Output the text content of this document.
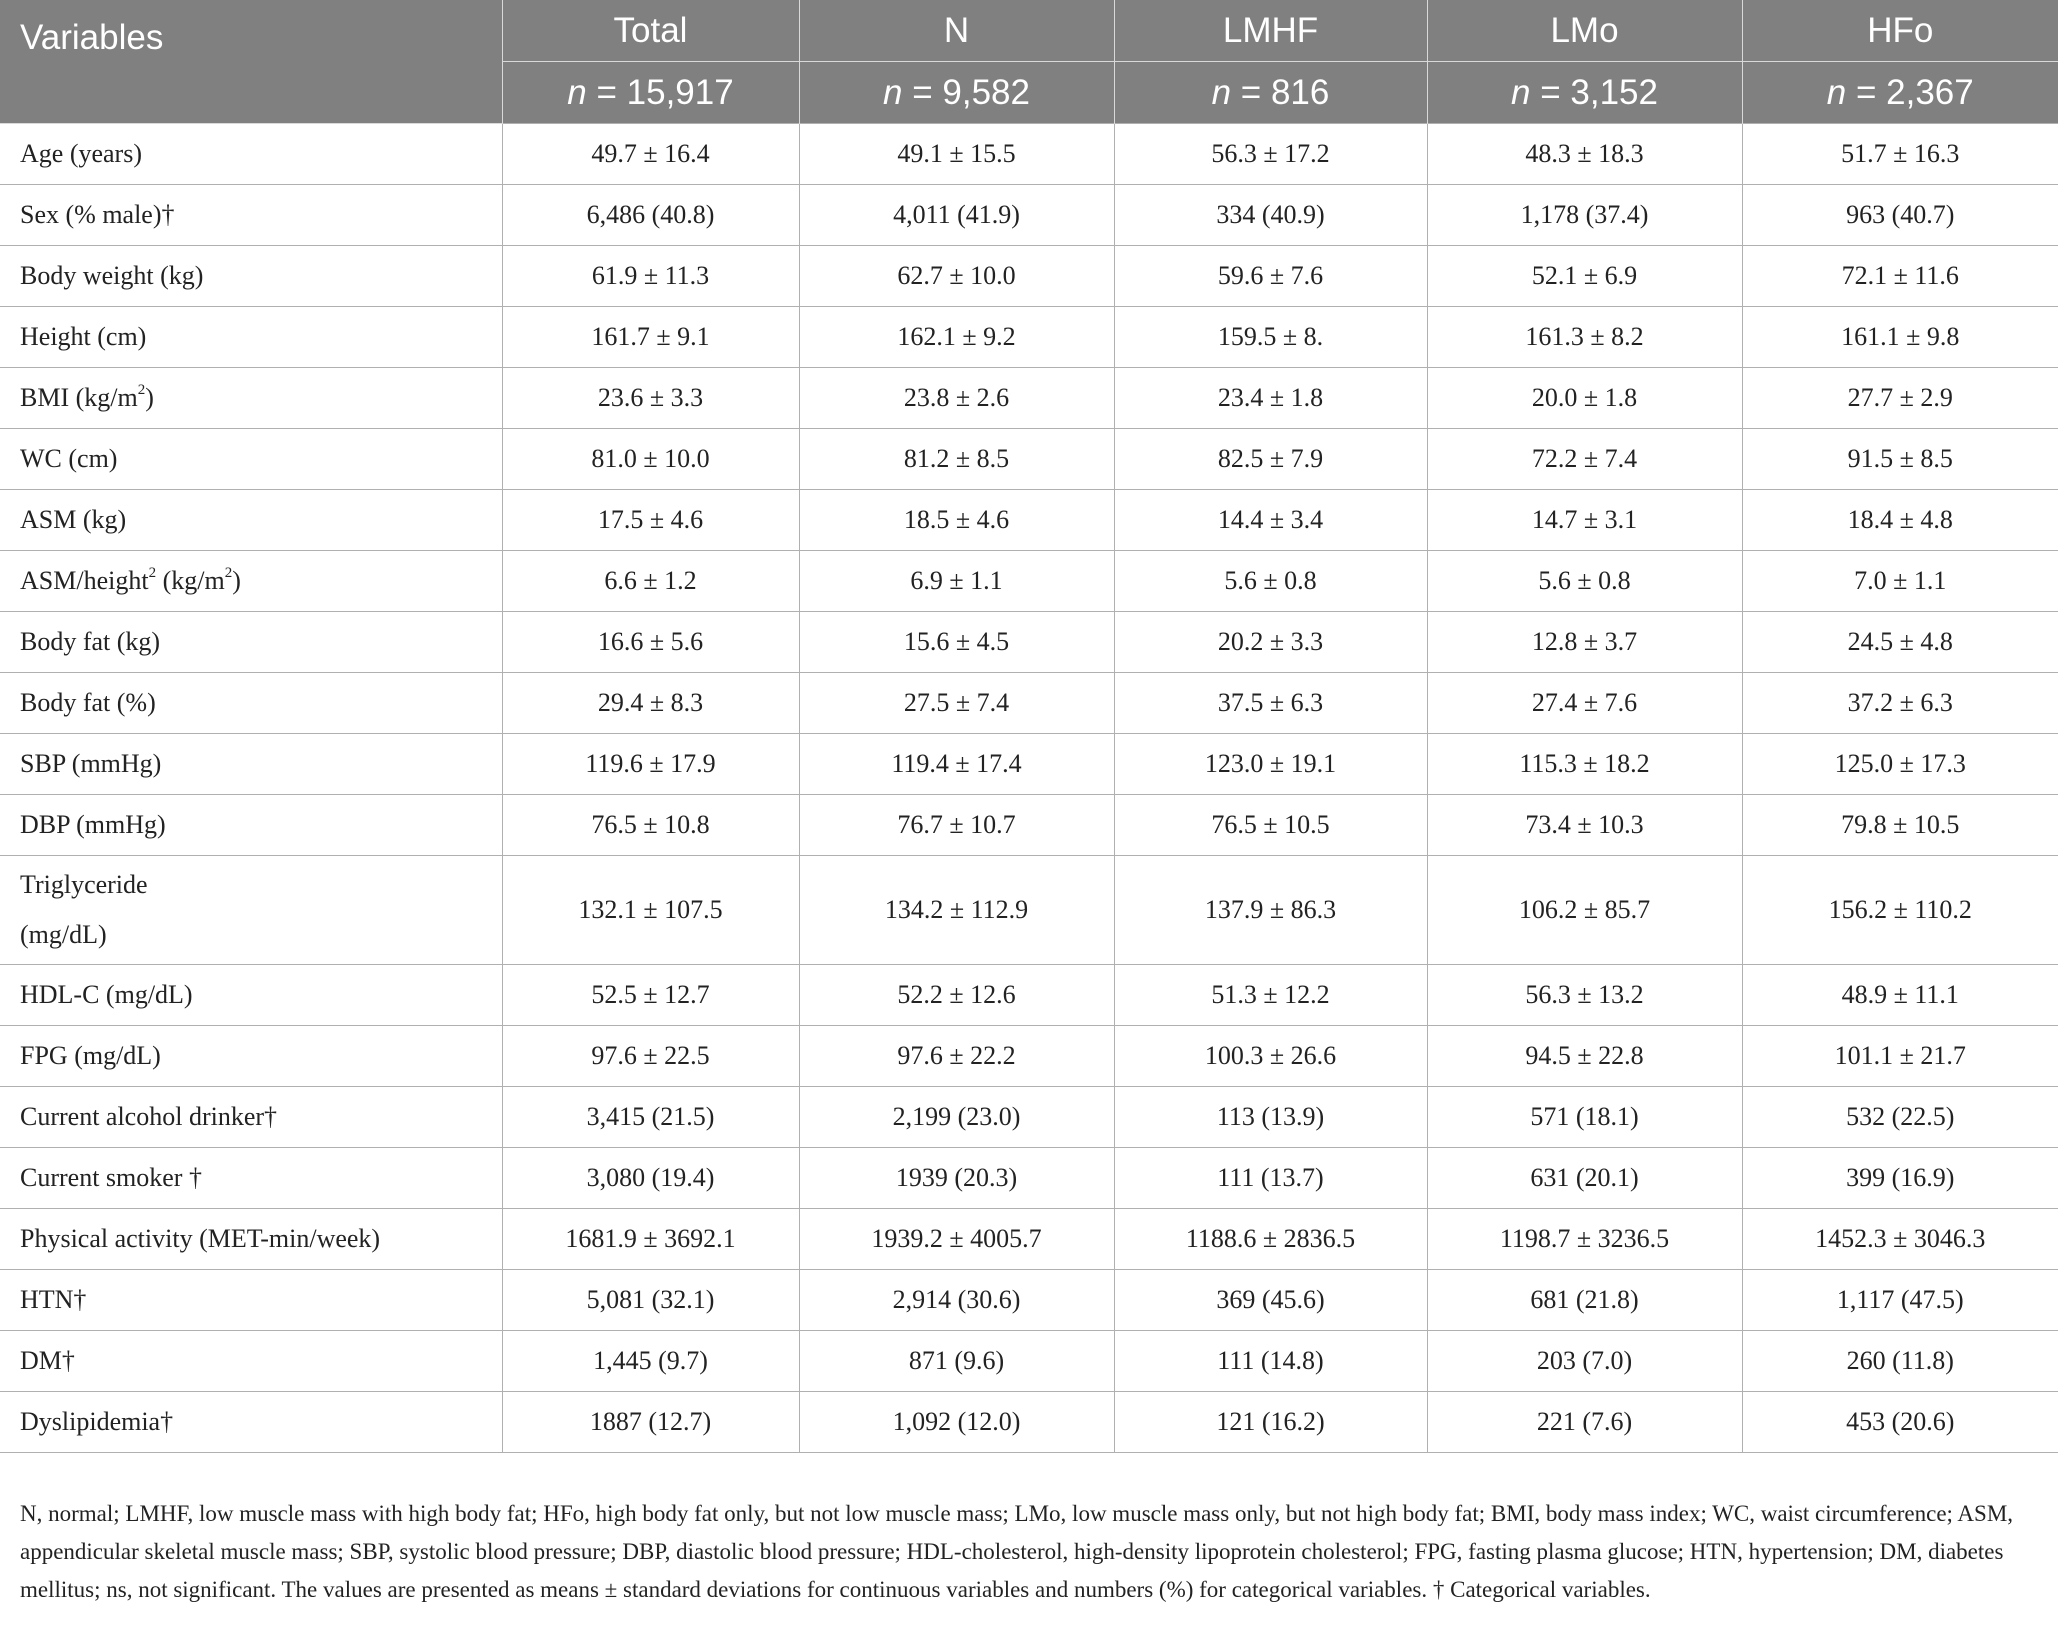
Variables	Total	N	LMHF	LMo	HFo
	n = 15,917	n = 9,582	n = 816	n = 3,152	n = 2,367
Age (years)	49.7 ± 16.4	49.1 ± 15.5	56.3 ± 17.2	48.3 ± 18.3	51.7 ± 16.3
Sex (% male)†	6,486 (40.8)	4,011 (41.9)	334 (40.9)	1,178 (37.4)	963 (40.7)
Body weight (kg)	61.9 ± 11.3	62.7 ± 10.0	59.6 ± 7.6	52.1 ± 6.9	72.1 ± 11.6
Height (cm)	161.7 ± 9.1	162.1 ± 9.2	159.5 ± 8.	161.3 ± 8.2	161.1 ± 9.8
BMI $(kg/m^2)$	23.6 ± 3.3	23.8 ± 2.6	23.4 ± 1.8	20.0 ± 1.8	27.7 ± 2.9
WC (cm)	81.0 ± 10.0	81.2 ± 8.5	82.5 ± 7.9	72.2 ± 7.4	91.5 ± 8.5
ASM (kg)	17.5 ± 4.6	18.5 ± 4.6	14.4 ± 3.4	14.7 ± 3.1	18.4 ± 4.8
ASM/height$^2$ $(kg/m^2)$	6.6 ± 1.2	6.9 ± 1.1	5.6 ± 0.8	5.6 ± 0.8	7.0 ± 1.1
Body fat (kg)	16.6 ± 5.6	15.6 ± 4.5	20.2 ± 3.3	12.8 ± 3.7	24.5 ± 4.8
Body fat (%)	29.4 ± 8.3	27.5 ± 7.4	37.5 ± 6.3	27.4 ± 7.6	37.2 ± 6.3
SBP (mmHg)	119.6 ± 17.9	119.4 ± 17.4	123.0 ± 19.1	115.3 ± 18.2	125.0 ± 17.3
DBP (mmHg)	76.5 ± 10.8	76.7 ± 10.7	76.5 ± 10.5	73.4 ± 10.3	79.8 ± 10.5
Triglyceride
(mg/dL)	132.1 ± 107.5	134.2 ± 112.9	137.9 ± 86.3	106.2 ± 85.7	156.2 ± 110.2
HDL-C (mg/dL)	52.5 ± 12.7	52.2 ± 12.6	51.3 ± 12.2	56.3 ± 13.2	48.9 ± 11.1
FPG (mg/dL)	97.6 ± 22.5	97.6 ± 22.2	100.3 ± 26.6	94.5 ± 22.8	101.1 ± 21.7
Current alcohol drinker†	3,415 (21.5)	2,199 (23.0)	113 (13.9)	571 (18.1)	532 (22.5)
Current smoker †	3,080 (19.4)	1939 (20.3)	111 (13.7)	631 (20.1)	399 (16.9)
Physical activity (MET-min/week)	1681.9 ± 3692.1	1939.2 ± 4005.7	1188.6 ± 2836.5	1198.7 ± 3236.5	1452.3 ± 3046.3
HTN†	5,081 (32.1)	2,914 (30.6)	369 (45.6)	681 (21.8)	1,117 (47.5)
DM†	1,445 (9.7)	871 (9.6)	111 (14.8)	203 (7.0)	260 (11.8)
Dyslipidemia†	1887 (12.7)	1,092 (12.0)	121 (16.2)	221 (7.6)	453 (20.6)
N, normal; LMHF, low muscle mass with high body fat; HFo, high body fat only, but not low muscle mass; LMo, low muscle mass only, but not high body fat; BMI, body mass index; WC, waist circumference; ASM, appendicular skeletal muscle mass; SBP, systolic blood pressure; DBP, diastolic blood pressure; HDL-cholesterol, high-density lipoprotein cholesterol; FPG, fasting plasma glucose; HTN, hypertension; DM, diabetes mellitus; ns, not significant. The values are presented as means ± standard deviations for continuous variables and numbers (%) for categorical variables. † Categorical variables.
